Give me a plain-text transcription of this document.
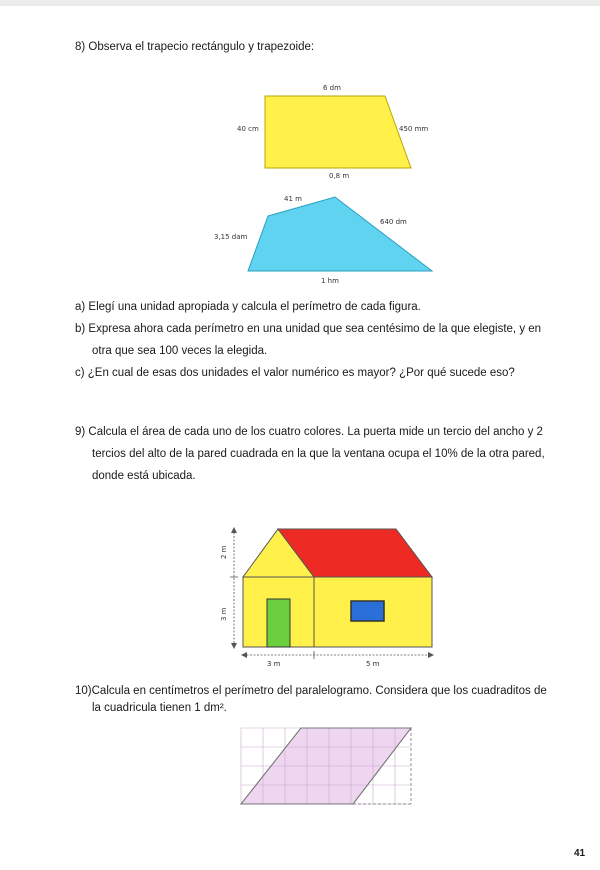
8) Observa el trapecio rectángulo y trapezoide:

6 dm
40 cm	450 mm
0,8 m
41 m
3,15 dam
640 dm
1 hm

a) Elegí una unidad apropiada y calcula el perímetro de cada figura.

b) Expresa ahora cada perímetro en una unidad que sea centésimo de la que elegiste, y en

otra que sea 100 veces la elegida.

c) ¿En cual de esas dos unidades el valor numérico es mayor? ¿Por qué sucede eso?

9) Calcula el área de cada uno de los cuatro colores. La puerta mide un tercio del ancho y 2

tercios del alto de la pared cuadrada en la que la ventana ocupa el 10% de la otra pared,

donde está ubicada.

2 m
3 m
3 m	5 m

10)Calcula en centímetros el perímetro del paralelogramo. Considera que los cuadraditos de

la cuadricula tienen 1 dm².

41
